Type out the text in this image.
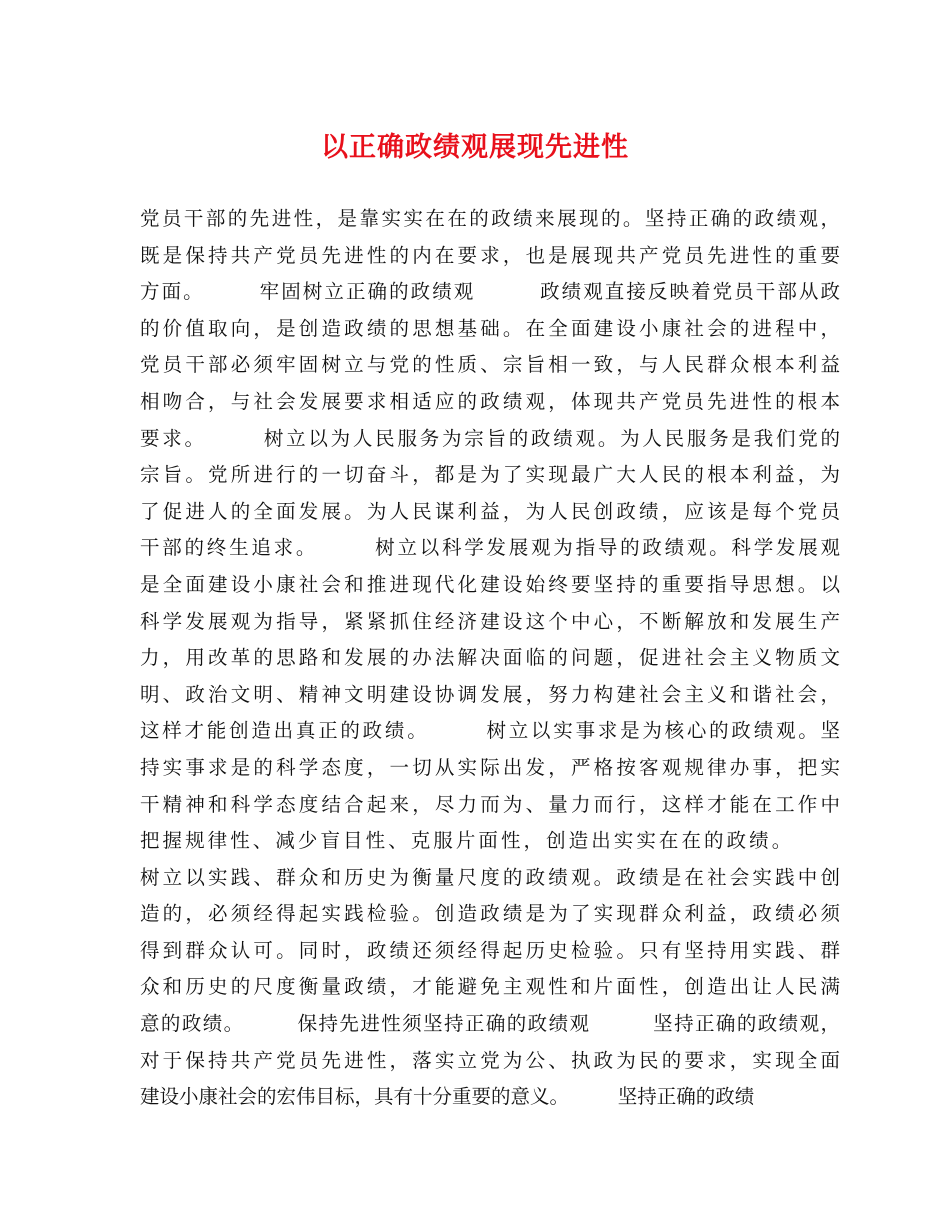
以正确政绩观展现先进性
党员干部的先进性，是靠实实在在的政绩来展现的。坚持正确的政绩观，
既是保持共产党员先进性的内在要求，也是展现共产党员先进性的重要
方面。　　　牢固树立正确的政绩观　　　政绩观直接反映着党员干部从政
的价值取向，是创造政绩的思想基础。在全面建设小康社会的进程中，
党员干部必须牢固树立与党的性质、宗旨相一致，与人民群众根本利益
相吻合，与社会发展要求相适应的政绩观，体现共产党员先进性的根本
要求。　　　树立以为人民服务为宗旨的政绩观。为人民服务是我们党的
宗旨。党所进行的一切奋斗，都是为了实现最广大人民的根本利益，为
了促进人的全面发展。为人民谋利益，为人民创政绩，应该是每个党员
干部的终生追求。　　　树立以科学发展观为指导的政绩观。科学发展观
是全面建设小康社会和推进现代化建设始终要坚持的重要指导思想。以
科学发展观为指导，紧紧抓住经济建设这个中心，不断解放和发展生产
力，用改革的思路和发展的办法解决面临的问题，促进社会主义物质文
明、政治文明、精神文明建设协调发展，努力构建社会主义和谐社会，
这样才能创造出真正的政绩。　　　树立以实事求是为核心的政绩观。坚
持实事求是的科学态度，一切从实际出发，严格按客观规律办事，把实
干精神和科学态度结合起来，尽力而为、量力而行，这样才能在工作中
把握规律性、减少盲目性、克服片面性，创造出实实在在的政绩。　　　
树立以实践、群众和历史为衡量尺度的政绩观。政绩是在社会实践中创
造的，必须经得起实践检验。创造政绩是为了实现群众利益，政绩必须
得到群众认可。同时，政绩还须经得起历史检验。只有坚持用实践、群
众和历史的尺度衡量政绩，才能避免主观性和片面性，创造出让人民满
意的政绩。　　　保持先进性须坚持正确的政绩观　　　坚持正确的政绩观，
对于保持共产党员先进性，落实立党为公、执政为民的要求，实现全面
建设小康社会的宏伟目标，具有十分重要的意义。　　　坚持正确的政绩
